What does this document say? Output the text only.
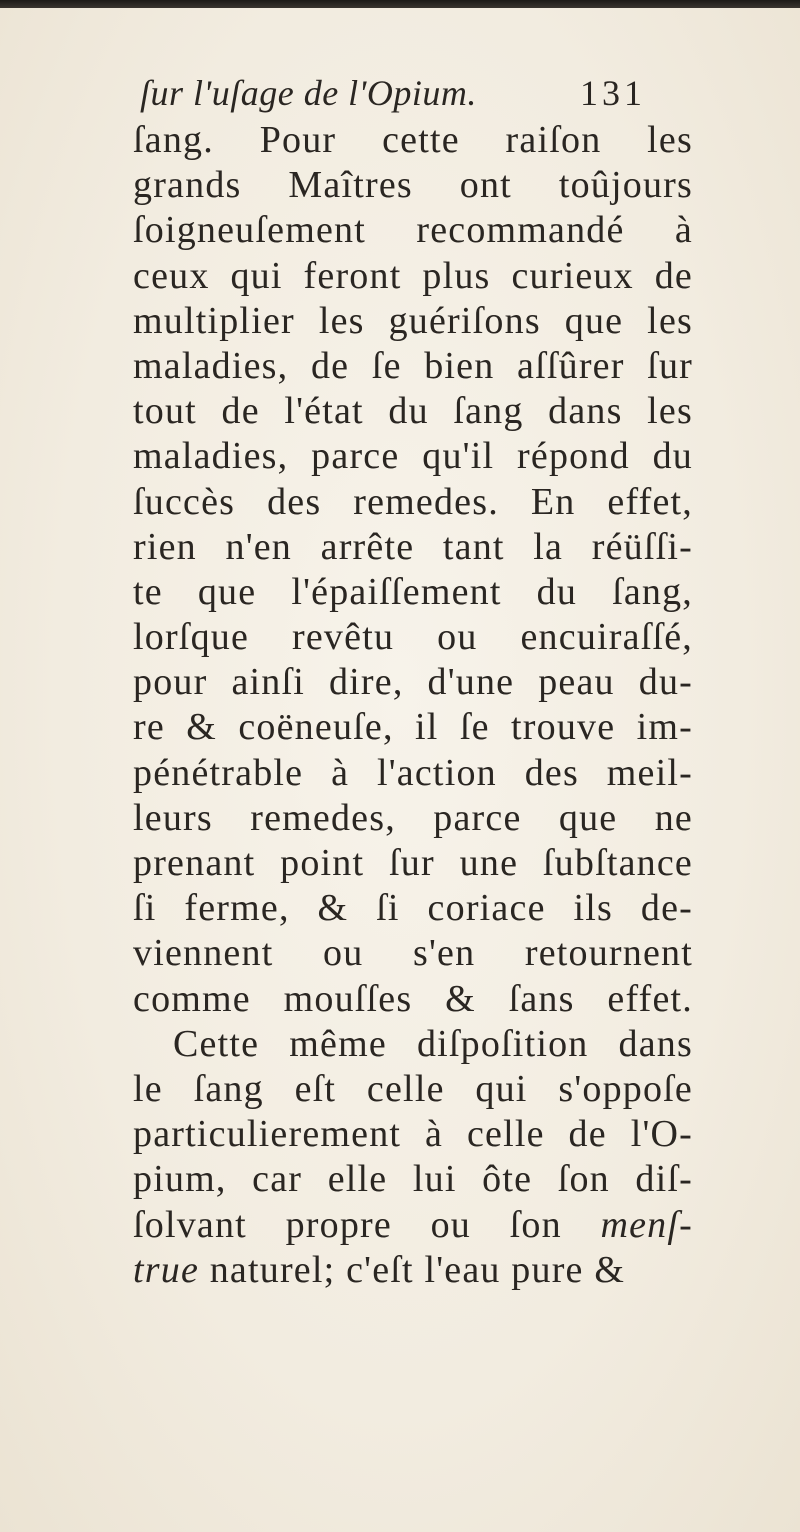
ſur l'uſage de l'Opium.	131
ſang. Pour cette raiſon les
grands Maîtres ont toûjours
ſoigneuſement recommandé à
ceux qui feront plus curieux de
multiplier les guériſons que les
maladies, de ſe bien aſſûrer ſur
tout de l'état du ſang dans les
maladies, parce qu'il répond du
ſuccès des remedes. En effet,
rien n'en arrête tant la réüſſi-
te que l'épaiſſement du ſang,
lorſque revêtu ou encuiraſſé,
pour ainſi dire, d'une peau du-
re & coëneuſe, il ſe trouve im-
pénétrable à l'action des meil-
leurs remedes, parce que ne
prenant point ſur une ſubſtance
ſi ferme, & ſi coriace ils de-
viennent ou s'en retournent
comme mouſſes & ſans effet.
Cette même diſpoſition dans
le ſang eſt celle qui s'oppoſe
particulierement à celle de l'O-
pium, car elle lui ôte ſon diſ-
ſolvant propre ou ſon menſ-
true naturel; c'eſt l'eau pure &
